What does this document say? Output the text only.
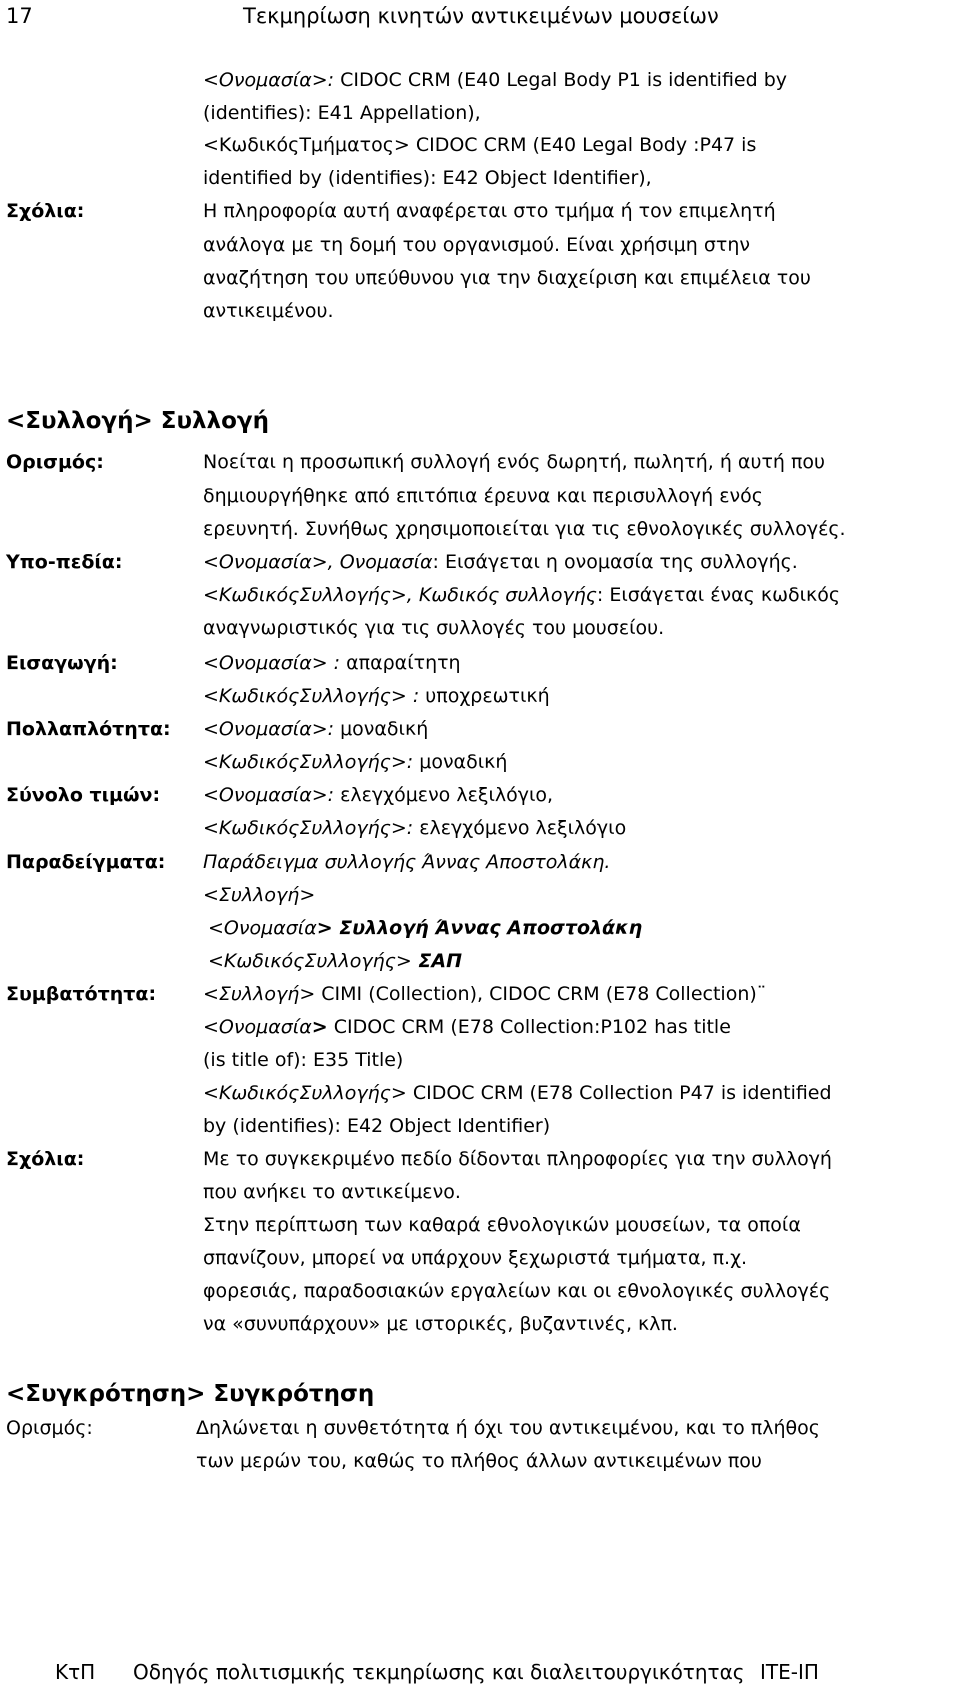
17	Τεκμηρίωση κινητών αντικειμένων μουσείων
<Ονομασία>: CIDOC CRM (E40 Legal Body P1 is identified by
(identifies): E41 Appellation),
<ΚωδικόςΤμήματος> CIDOC CRM (E40 Legal Body :P47 is
identified by (identifies): E42 Object Identifier),
Σχόλια:	Η πληροφορία αυτή αναφέρεται στο τμήμα ή τον επιμελητή
ανάλογα με τη δομή του οργανισμού. Είναι χρήσιμη στην
αναζήτηση του υπεύθυνου για την διαχείριση και επιμέλεια του
αντικειμένου.
<Συλλογή> Συλλογή
Ορισμός:	Νοείται η προσωπική συλλογή ενός δωρητή, πωλητή, ή αυτή που
δημιουργήθηκε από επιτόπια έρευνα και περισυλλογή ενός
ερευνητή. Συνήθως χρησιμοποιείται για τις εθνολογικές συλλογές.
Υπο-πεδία:	<Ονομασία>, Ονομασία: Εισάγεται η ονομασία της συλλογής.
<ΚωδικόςΣυλλογής>, Κωδικός συλλογής: Εισάγεται ένας κωδικός
αναγνωριστικός για τις συλλογές του μουσείου.
Εισαγωγή:	<Ονομασία> : απαραίτητη
<ΚωδικόςΣυλλογής> : υποχρεωτική
Πολλαπλότητα: <Ονομασία>: μοναδική
<ΚωδικόςΣυλλογής>: μοναδική
Σύνολο τιμών: <Ονομασία>: ελεγχόμενο λεξιλόγιο,
<ΚωδικόςΣυλλογής>: ελεγχόμενο λεξιλόγιο
Παραδείγματα: Παράδειγμα συλλογής Άννας Αποστολάκη.
<Συλλογή>
<Ονομασία> Συλλογή Άννας Αποστολάκη
<ΚωδικόςΣυλλογής> ΣΑΠ
Συμβατότητα: <Συλλογή> CIMI (Collection), CIDOC CRM (E78 Collection)¨
<Ονομασία> CIDOC CRM (E78 Collection:P102 has title
(is title of): E35 Title)
<ΚωδικόςΣυλλογής> CIDOC CRM (E78 Collection P47 is identified
by (identifies): E42 Object Identifier)
Σχόλια:	Με το συγκεκριμένο πεδίο δίδονται πληροφορίες για την συλλογή
που ανήκει το αντικείμενο.
Στην περίπτωση των καθαρά εθνολογικών μουσείων, τα οποία
σπανίζουν, μπορεί να υπάρχουν ξεχωριστά τμήματα, π.χ.
φορεσιάς, παραδοσιακών εργαλείων και οι εθνολογικές συλλογές
να «συνυπάρχουν» με ιστορικές, βυζαντινές, κλπ.
<Συγκρότηση> Συγκρότηση
Ορισμός:	Δηλώνεται η συνθετότητα ή όχι του αντικειμένου, και το πλήθος
των μερών του, καθώς το πλήθος άλλων αντικειμένων που
ΚτΠ Οδηγός πολιτισμικής τεκμηρίωσης και διαλειτουργικότητας ΙΤΕ-ΙΠ
